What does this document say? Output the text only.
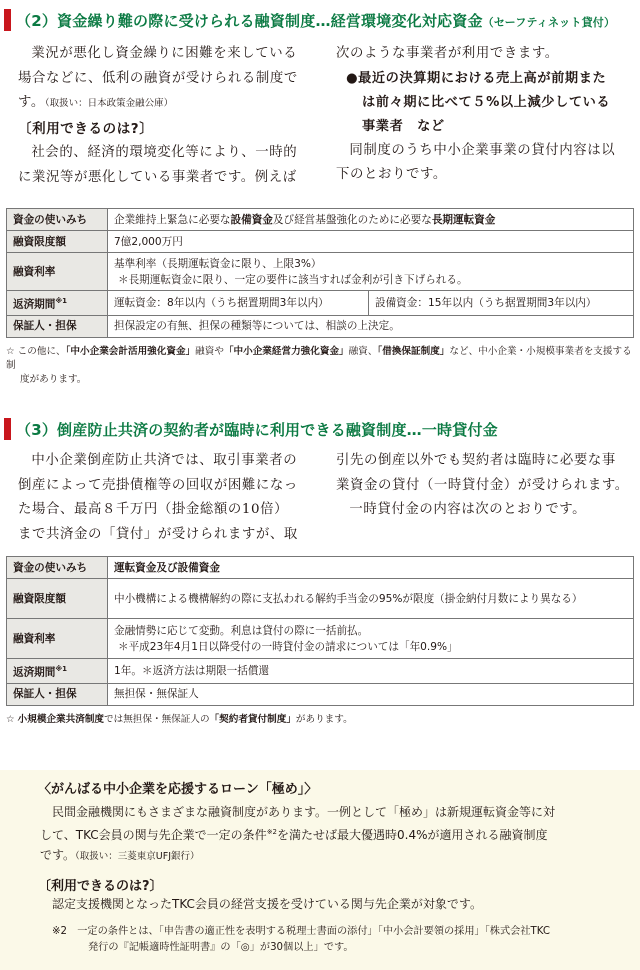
（2）資金繰り難の際に受けられる融資制度…経営環境変化対応資金（セーフティネット貸付）

業況が悪化し資金繰りに困難を来している

場合などに、低利の融資が受けられる制度で

す。（取扱い：日本政策金融公庫）

〔利用できるのは?〕

社会的、経済的環境変化等により、一時的

に業況等が悪化している事業者です。例えば

次のような事業者が利用できます。

●最近の決算期における売上高が前期また

は前々期に比べて５%以上減少している

事業者　など

同制度のうち中小企業事業の貸付内容は以

下のとおりです。

資金の使いみち	企業維持上緊急に必要な設備資金及び経営基盤強化のために必要な長期運転資金	
融資限度額	7億2,000万円	
融資利率	基準利率（長期運転資金に限り、上限3%）
＊長期運転資金に限り、一定の要件に該当すれば金利が引き下げられる。	

返済期間$^{※1}$	運転資金：8年以内（うち据置期間3年以内）	設備資金：15年以内（うち据置期間3年以内）
保証人・担保	担保設定の有無、担保の種類等については、相談の上決定。	
☆ この他に、「中小企業会計活用強化資金」融資や「中小企業経営力強化資金」融資、「借換保証制度」など、中小企業・小規模事業者を支援する制
度があります。
（3）倒産防止共済の契約者が臨時に利用できる融資制度…一時貸付金

中小企業倒産防止共済では、取引事業者の

倒産によって売掛債権等の回収が困難になっ

た場合、最高８千万円（掛金総額の10倍）

まで共済金の「貸付」が受けられますが、取

引先の倒産以外でも契約者は臨時に必要な事

業資金の貸付（一時貸付金）が受けられます。

一時貸付金の内容は次のとおりです。

資金の使いみち	運転資金及び設備資金
融資限度額	中小機構による機構解約の際に支払われる解約手当金の95%が限度（掛金納付月数により異なる）
融資利率	金融情勢に応じて変動。利息は貸付の際に一括前払。
＊平成23年4月1日以降受付の一時貸付金の請求については「年0.9%」

返済期間$^{※1}$	1年。＊返済方法は期限一括償還
保証人・担保	無担保・無保証人
☆ 小規模企業共済制度では無担保・無保証人の「契約者貸付制度」があります。
〈がんばる中小企業を応援するローン「極め」〉
民間金融機関にもさまざまな融資制度があります。一例として「極め」は新規運転資金等に対
して、TKC会員の関与先企業で一定の条件$^{※2}$を満たせば最大優遇時0.4%が適用される融資制度
です。（取扱い：三菱東京UFJ銀行）
〔利用できるのは?〕
認定支援機関となったTKC会員の経営支援を受けている関与先企業が対象です。
※2　 一定の条件とは、「申告書の適正性を表明する税理士書面の添付」「中小会計要領の採用」「株式会社TKC
発行の『記帳適時性証明書』の「◎」が30個以上」です。
